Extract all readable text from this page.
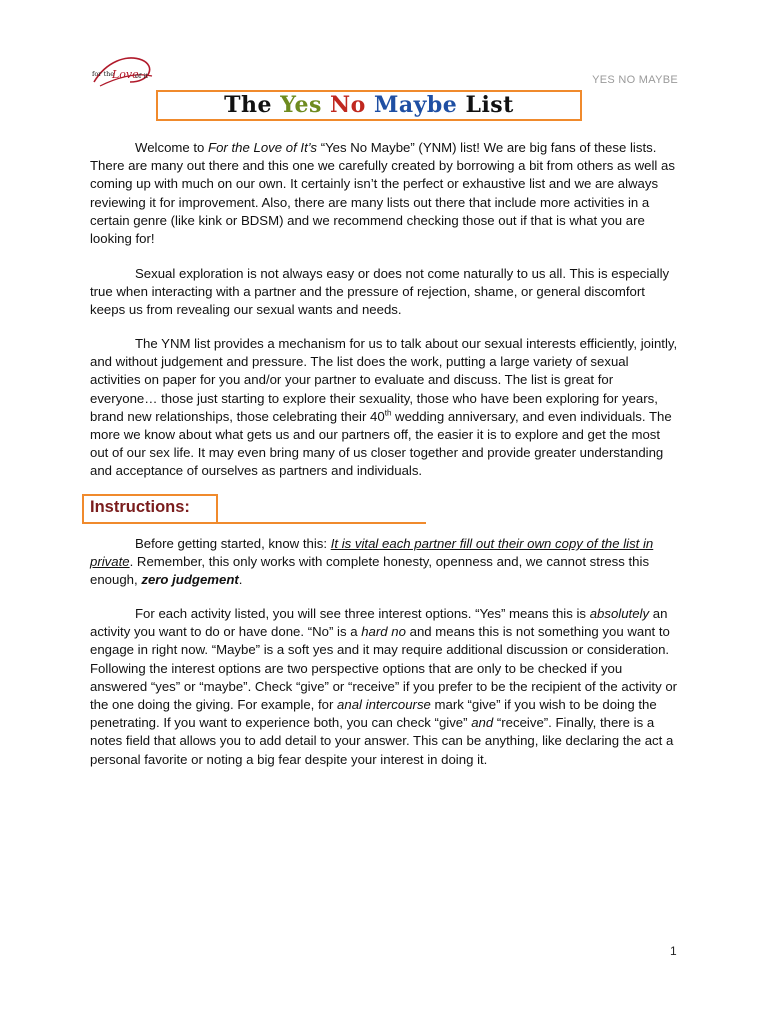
for the
Love
of it	YES NO MAYBE
The Yes No Maybe List

Welcome to For the Love of It’s “Yes No Maybe” (YNM) list! We are big fans of these lists. There are many out there and this one we carefully created by borrowing a bit from others as well as coming up with much on our own. It certainly isn’t the perfect or exhaustive list and we are always reviewing it for improvement. Also, there are many lists out there that include more activities in a certain genre (like kink or BDSM) and we recommend checking those out if that is what you are looking for!

Sexual exploration is not always easy or does not come naturally to us all. This is especially true when interacting with a partner and the pressure of rejection, shame, or general discomfort keeps us from revealing our sexual wants and needs.

The YNM list provides a mechanism for us to talk about our sexual interests efficiently, jointly, and without judgement and pressure. The list does the work, putting a large variety of sexual activities on paper for you and/or your partner to evaluate and discuss. The list is great for everyone… those just starting to explore their sexuality, those who have been exploring for years, brand new relationships, those celebrating their 40th wedding anniversary, and even individuals. The more we know about what gets us and our partners off, the easier it is to explore and get the most out of our sex life. It may even bring many of us closer together and provide greater understanding and acceptance of ourselves as partners and individuals.

Instructions:

Before getting started, know this: It is vital each partner fill out their own copy of the list in private. Remember, this only works with complete honesty, openness and, we cannot stress this enough, zero judgement.

For each activity listed, you will see three interest options. “Yes” means this is absolutely an activity you want to do or have done. “No” is a hard no and means this is not something you want to engage in right now. “Maybe” is a soft yes and it may require additional discussion or consideration. Following the interest options are two perspective options that are only to be checked if you answered “yes” or “maybe”. Check “give” or “receive” if you prefer to be the recipient of the activity or the one doing the giving. For example, for anal intercourse mark “give” if you wish to be doing the penetrating. If you want to experience both, you can check “give” and “receive”. Finally, there is a notes field that allows you to add detail to your answer. This can be anything, like declaring the act a personal favorite or noting a big fear despite your interest in doing it.

1
